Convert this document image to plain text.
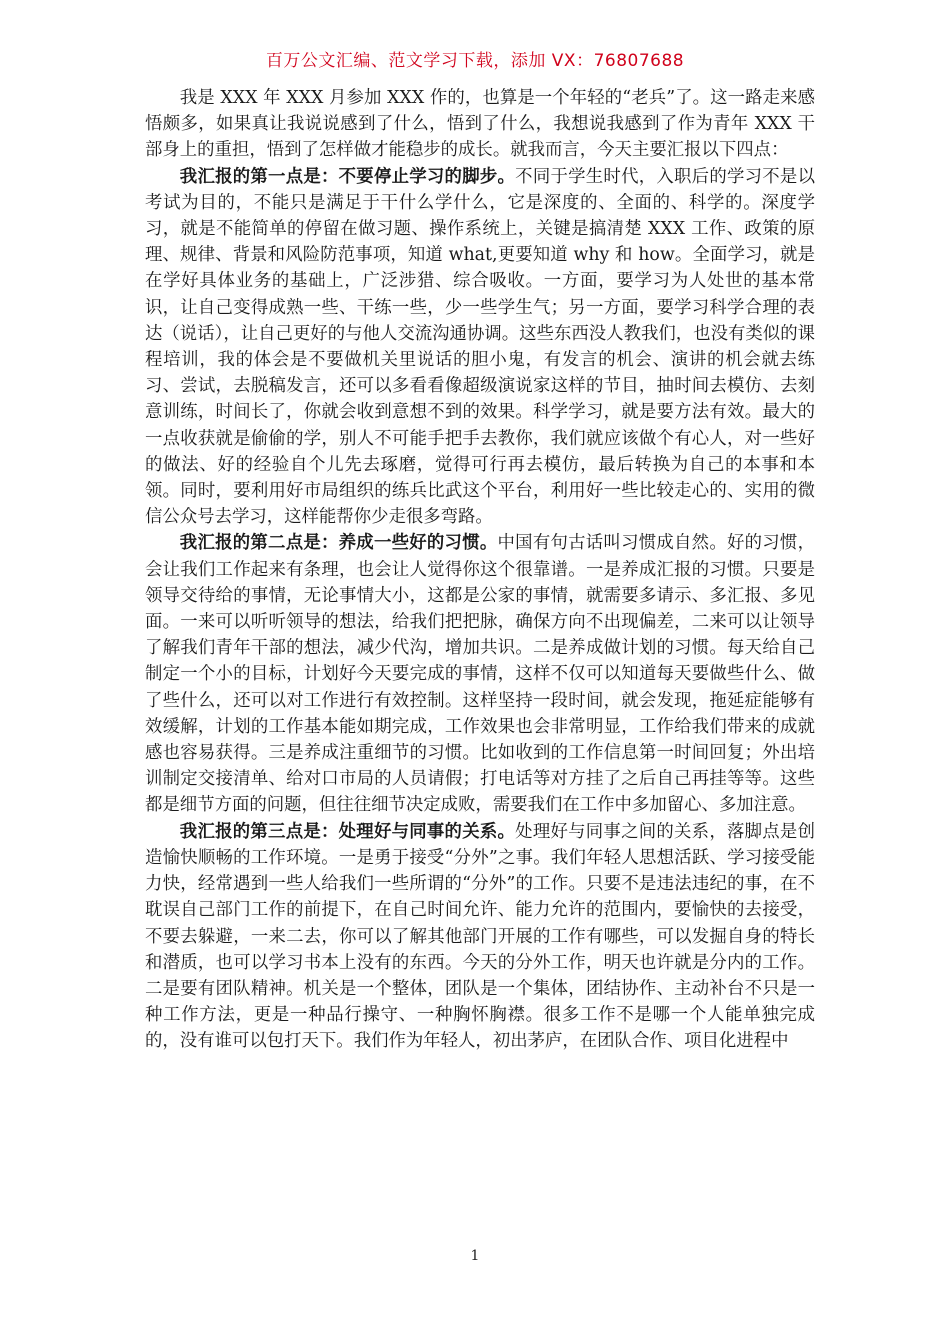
百万公文汇编、范文学习下载，添加 VX：76807688

我是 XXX 年 XXX 月参加 XXX 作的，也算是一个年轻的“老兵”了。这一路走来感悟颇多，如果真让我说说感到了什么，悟到了什么，我想说我感到了作为青年 XXX 干部身上的重担，悟到了怎样做才能稳步的成长。就我而言，今天主要汇报以下四点：

我汇报的第一点是：不要停止学习的脚步。不同于学生时代，入职后的学习不是以考试为目的，不能只是满足于干什么学什么，它是深度的、全面的、科学的。深度学习，就是不能简单的停留在做习题、操作系统上，关键是搞清楚 XXX 工作、政策的原理、规律、背景和风险防范事项，知道 what,更要知道 why 和 how。全面学习，就是在学好具体业务的基础上，广泛涉猎、综合吸收。一方面，要学习为人处世的基本常识，让自己变得成熟一些、干练一些，少一些学生气；另一方面，要学习科学合理的表达（说话），让自己更好的与他人交流沟通协调。这些东西没人教我们，也没有类似的课程培训，我的体会是不要做机关里说话的胆小鬼，有发言的机会、演讲的机会就去练习、尝试，去脱稿发言，还可以多看看像超级演说家这样的节目，抽时间去模仿、去刻意训练，时间长了，你就会收到意想不到的效果。科学学习，就是要方法有效。最大的一点收获就是偷偷的学，别人不可能手把手去教你，我们就应该做个有心人，对一些好的做法、好的经验自个儿先去琢磨，觉得可行再去模仿，最后转换为自己的本事和本领。同时，要利用好市局组织的练兵比武这个平台，利用好一些比较走心的、实用的微信公众号去学习，这样能帮你少走很多弯路。

我汇报的第二点是：养成一些好的习惯。中国有句古话叫习惯成自然。好的习惯，会让我们工作起来有条理，也会让人觉得你这个很靠谱。一是养成汇报的习惯。只要是领导交待给的事情，无论事情大小，这都是公家的事情，就需要多请示、多汇报、多见面。一来可以听听领导的想法，给我们把把脉，确保方向不出现偏差，二来可以让领导了解我们青年干部的想法，减少代沟，增加共识。二是养成做计划的习惯。每天给自己制定一个小的目标，计划好今天要完成的事情，这样不仅可以知道每天要做些什么、做了些什么，还可以对工作进行有效控制。这样坚持一段时间，就会发现，拖延症能够有效缓解，计划的工作基本能如期完成，工作效果也会非常明显，工作给我们带来的成就感也容易获得。三是养成注重细节的习惯。比如收到的工作信息第一时间回复；外出培训制定交接清单、给对口市局的人员请假；打电话等对方挂了之后自己再挂等等。这些都是细节方面的问题，但往往细节决定成败，需要我们在工作中多加留心、多加注意。

我汇报的第三点是：处理好与同事的关系。处理好与同事之间的关系，落脚点是创造愉快顺畅的工作环境。一是勇于接受“分外”之事。我们年轻人思想活跃、学习接受能力快，经常遇到一些人给我们一些所谓的“分外”的工作。只要不是违法违纪的事，在不耽误自己部门工作的前提下，在自己时间允许、能力允许的范围内，要愉快的去接受，不要去躲避，一来二去，你可以了解其他部门开展的工作有哪些，可以发掘自身的特长和潜质，也可以学习书本上没有的东西。今天的分外工作，明天也许就是分内的工作。二是要有团队精神。机关是一个整体，团队是一个集体，团结协作、主动补台不只是一种工作方法，更是一种品行操守、一种胸怀胸襟。很多工作不是哪一个人能单独完成的，没有谁可以包打天下。我们作为年轻人，初出茅庐，在团队合作、项目化进程中

1
